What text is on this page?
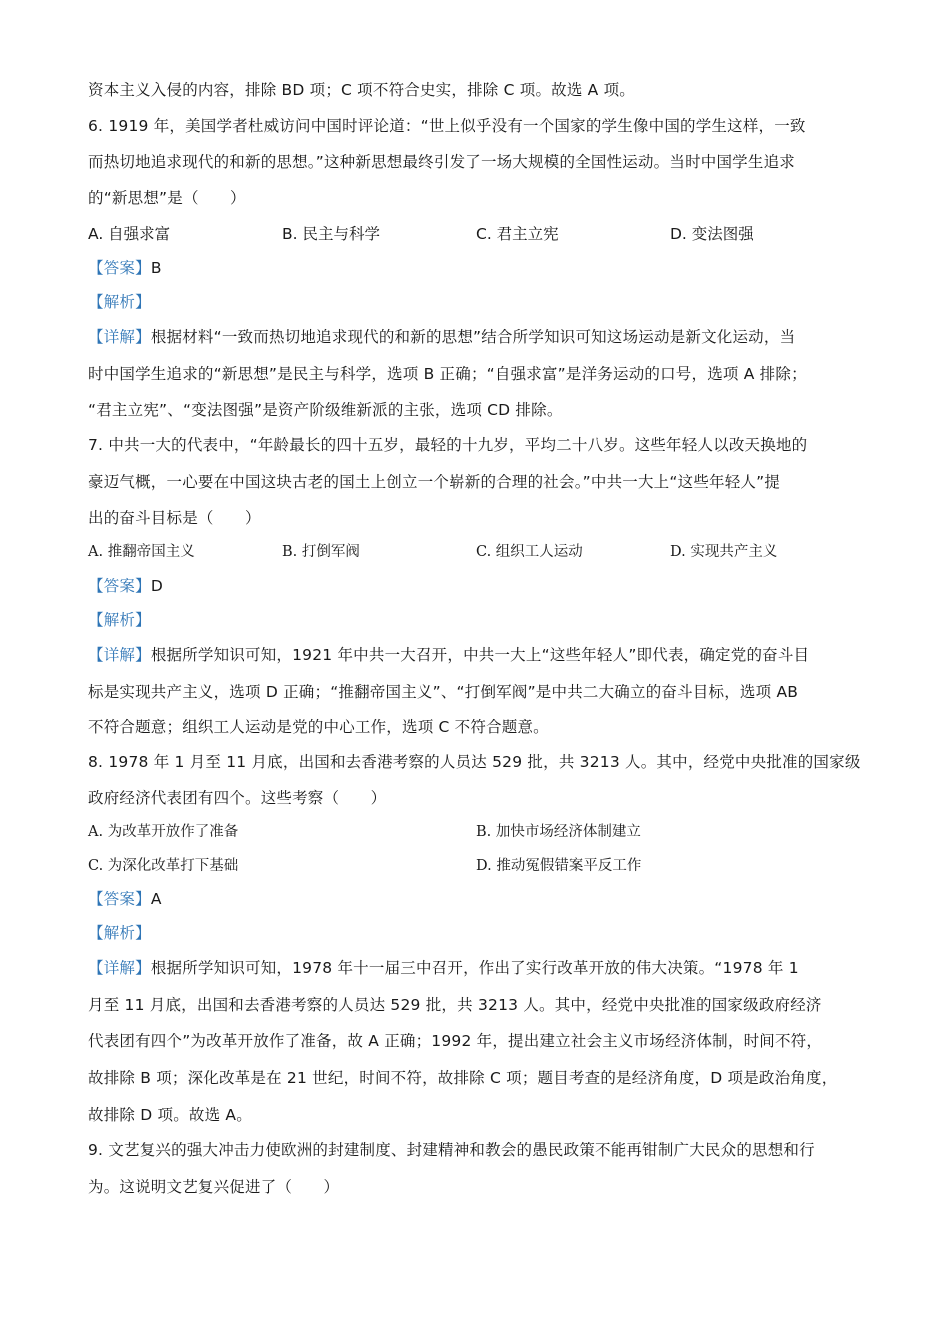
资本主义入侵的内容，排除 BD 项；C 项不符合史实，排除 C 项。故选 A 项。
6. 1919 年，美国学者杜威访问中国时评论道：“世上似乎没有一个国家的学生像中国的学生这样，一致
而热切地追求现代的和新的思想。”这种新思想最终引发了一场大规模的全国性运动。当时中国学生追求
的“新思想”是（　　）
A. 自强求富	B. 民主与科学	C. 君主立宪	D. 变法图强
【答案】B
【解析】
【详解】根据材料“一致而热切地追求现代的和新的思想”结合所学知识可知这场运动是新文化运动，当
时中国学生追求的“新思想”是民主与科学，选项 B 正确；“自强求富”是洋务运动的口号，选项 A 排除；
“君主立宪”、“变法图强”是资产阶级维新派的主张，选项 CD 排除。
7. 中共一大的代表中，“年龄最长的四十五岁，最轻的十九岁，平均二十八岁。这些年轻人以改天换地的
豪迈气概，一心要在中国这块古老的国土上创立一个崭新的合理的社会。”中共一大上“这些年轻人”提
出的奋斗目标是（　　）
A. 推翻帝国主义	B. 打倒军阀	C. 组织工人运动	D. 实现共产主义
【答案】D
【解析】
【详解】根据所学知识可知，1921 年中共一大召开，中共一大上“这些年轻人”即代表，确定党的奋斗目
标是实现共产主义，选项 D 正确；“推翻帝国主义”、“打倒军阀”是中共二大确立的奋斗目标，选项 AB
不符合题意；组织工人运动是党的中心工作，选项 C 不符合题意。
8. 1978 年 1 月至 11 月底，出国和去香港考察的人员达 529 批，共 3213 人。其中，经党中央批准的国家级
政府经济代表团有四个。这些考察（　　）
A. 为改革开放作了准备	B. 加快市场经济体制建立
C. 为深化改革打下基础	D. 推动冤假错案平反工作
【答案】A
【解析】
【详解】根据所学知识可知，1978 年十一届三中召开，作出了实行改革开放的伟大决策。“1978 年 1
月至 11 月底，出国和去香港考察的人员达 529 批，共 3213 人。其中，经党中央批准的国家级政府经济
代表团有四个”为改革开放作了准备，故 A 正确；1992 年，提出建立社会主义市场经济体制，时间不符，
故排除 B 项；深化改革是在 21 世纪，时间不符，故排除 C 项；题目考查的是经济角度，D 项是政治角度，
故排除 D 项。故选 A。
9. 文艺复兴的强大冲击力使欧洲的封建制度、封建精神和教会的愚民政策不能再钳制广大民众的思想和行
为。这说明文艺复兴促进了（　　）
